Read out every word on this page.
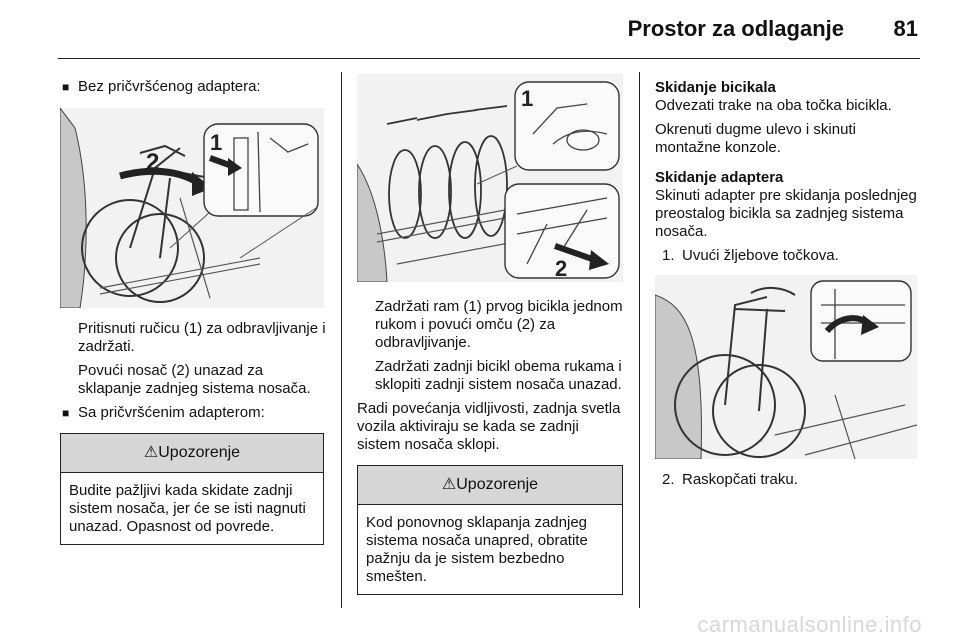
Prostor za odlaganje 81

■ Bez pričvršćenog adaptera:

2
1

Pritisnuti ručicu (1) za odbravljivanje i zadržati.

Povući nosač (2) unazad za sklapanje zadnjeg sistema nosača.

■ Sa pričvršćenim adapterom:

⚠Upozorenje
Budite pažljivi kada skidate zadnji sistem nosača, jer će se isti nagnuti unazad. Opasnost od povrede.
1
2

Zadržati ram (1) prvog bicikla jednom rukom i povući omču (2) za odbravljivanje.

Zadržati zadnji bicikl obema rukama i sklopiti zadnji sistem nosača unazad.

Radi povećanja vidljivosti, zadnja svetla vozila aktiviraju se kada se zadnji sistem nosača sklopi.

⚠Upozorenje
Kod ponovnog sklapanja zadnjeg sistema nosača unapred, obratite pažnju da je sistem bezbedno smešten.

Skidanje bicikala

Odvezati trake na oba točka bicikla.

Okrenuti dugme ulevo i skinuti montažne konzole.

Skidanje adaptera

Skinuti adapter pre skidanja poslednjeg preostalog bicikla sa zadnjeg sistema nosača.

1. Uvući žljebove točkova.

2. Raskopčati traku.

carmanualsonline.info
